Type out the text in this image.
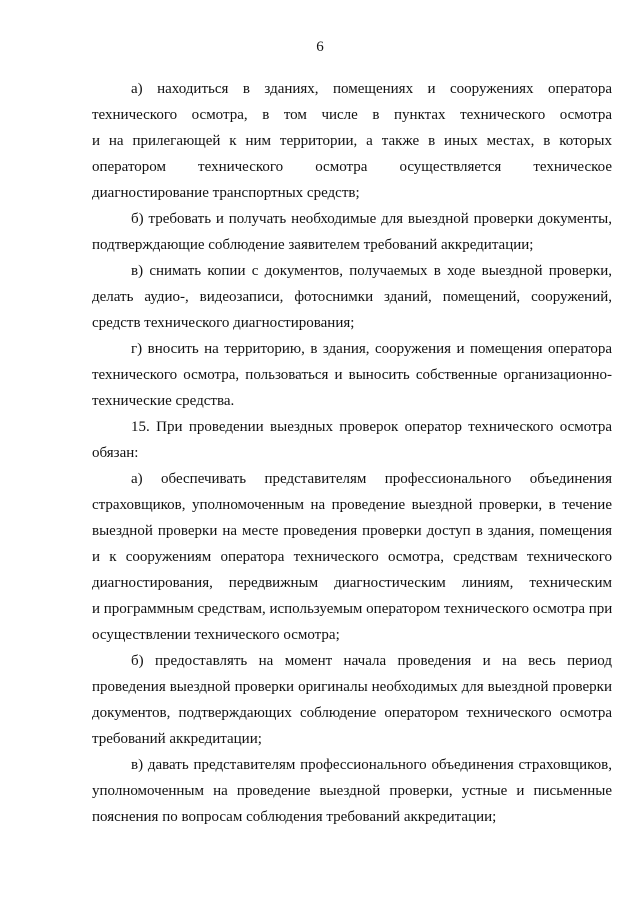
6
а) находиться в зданиях, помещениях и сооружениях оператора
технического осмотра, в том числе в пунктах технического осмотра
и на прилегающей к ним территории, а также в иных местах, в которых
оператором технического осмотра осуществляется техническое
диагностирование транспортных средств;
б) требовать и получать необходимые для выездной проверки документы,
подтверждающие соблюдение заявителем требований аккредитации;
в) снимать копии с документов, получаемых в ходе выездной проверки,
делать аудио-, видеозаписи, фотоснимки зданий, помещений, сооружений,
средств технического диагностирования;
г) вносить на территорию, в здания, сооружения и помещения оператора
технического осмотра, пользоваться и выносить собственные организационно-
технические средства.
15. При проведении выездных проверок оператор технического осмотра
обязан:
а) обеспечивать представителям профессионального объединения
страховщиков, уполномоченным на проведение выездной проверки, в течение
выездной проверки на месте проведения проверки доступ в здания, помещения
и к сооружениям оператора технического осмотра, средствам технического
диагностирования, передвижным диагностическим линиям, техническим
и программным средствам, используемым оператором технического осмотра при
осуществлении технического осмотра;
б) предоставлять на момент начала проведения и на весь период
проведения выездной проверки оригиналы необходимых для выездной проверки
документов, подтверждающих соблюдение оператором технического осмотра
требований аккредитации;
в) давать представителям профессионального объединения страховщиков,
уполномоченным на проведение выездной проверки, устные и письменные
пояснения по вопросам соблюдения требований аккредитации;
